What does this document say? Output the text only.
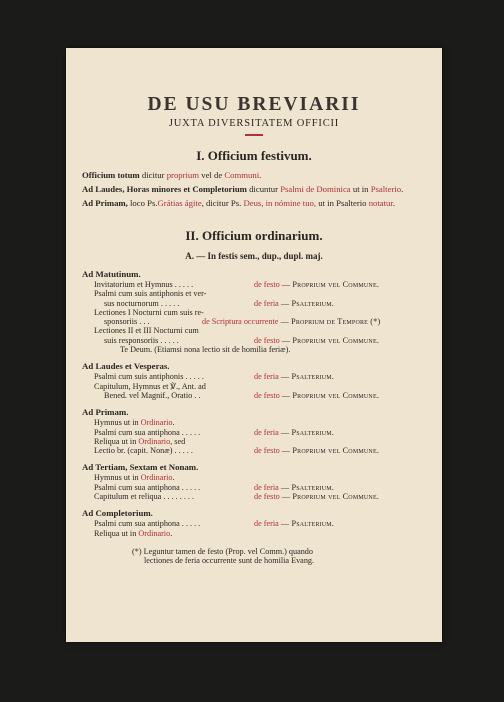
DE USU BREVIARII
JUXTA DIVERSITATEM OFFICII
I. Officium festivum.
Officium totum dicitur proprium vel de Communi.
Ad Laudes, Horas minores et Completorium dicuntur Psalmi de Dominica ut in Psalterio.
Ad Primam, loco Ps.Grátias ágite, dicitur Ps. Deus, in nómine tuo, ut in Psalterio notatur.
II. Officium ordinarium.
A. — In festis sem., dup., dupl. maj.
Ad Matutinum.
Invitatorium et Hymnus . . . . .
Psalmi cum suis antiphonis et ver-
sus nocturnorum . . . . .
de festo — Proprium vel Commune.
de feria — Psalterium.
Lectiones I Nocturni cum suis re-
sponsoriis . . .	de Scriptura occurrente — Proprium de Tempore (*)
Lectiones II et III Nocturni cum
suis responsoriis . . . . .	de festo — Proprium vel Commune.
Te Deum. (Etiamsi nona lectio sit de homilia feriæ).
Ad Laudes et Vesperas.
Psalmi cum suis antiphonis . . . . .
Capitulum, Hymnus et ℣., Ant. ad
Bened. vel Magnif., Oratio . .
de feria — Psalterium.
de festo — Proprium vel Commune.
Ad Primam.
Hymnus ut in Ordinario.
Psalmi cum sua antiphona . . . . .
Reliqua ut in Ordinario, sed
Lectio br. (capit. Nonæ) . . . . .
de feria — Psalterium.
de festo — Proprium vel Commune.
Ad Tertiam, Sextam et Nonam.
Hymnus ut in Ordinario.
Psalmi cum sua antiphona . . . . .
Capitulum et reliqua . . . . . . . .
de feria — Psalterium.
de festo — Proprium vel Commune.
Ad Completorium.
Psalmi cum sua antiphona . . . . .
Reliqua ut in Ordinario.
de feria — Psalterium.
(*) Leguntur tamen de festo (Prop. vel Comm.) quando
lectiones de feria occurrente sunt de homilia Evang.
